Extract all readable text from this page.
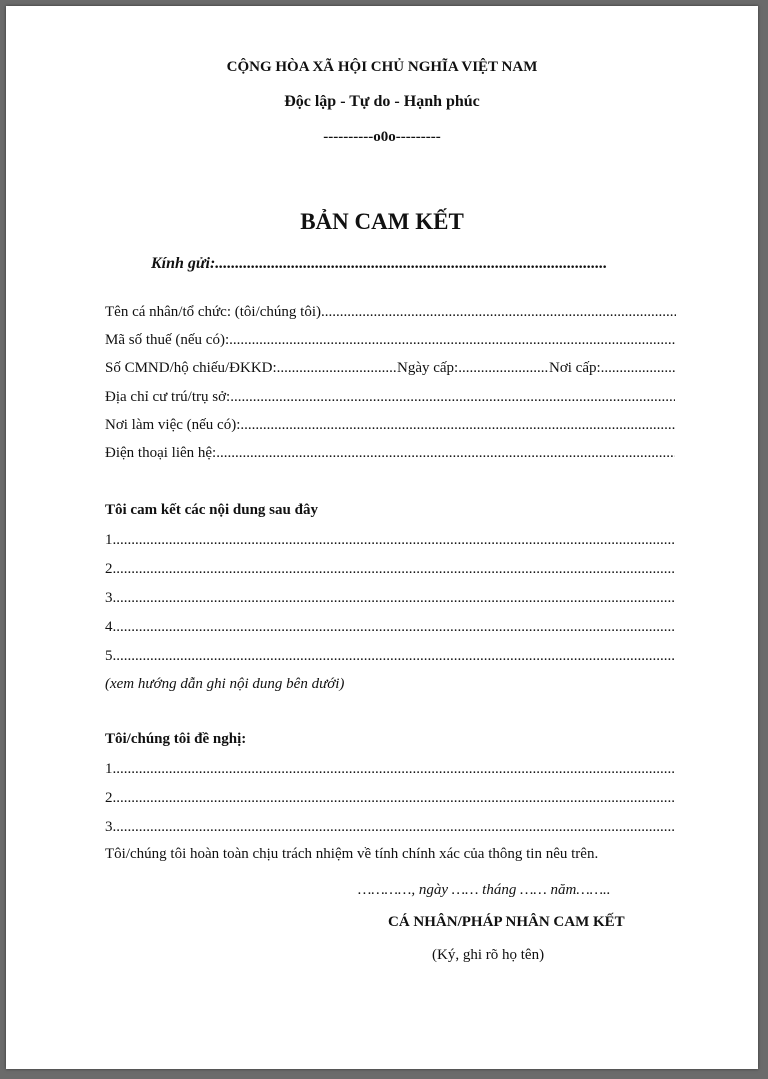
CỘNG HÒA XÃ HỘI CHỦ NGHĨA VIỆT NAM
Độc lập - Tự do - Hạnh phúc
----------o0o---------
BẢN CAM KẾT
Kính gửi:
.....
Tên cá nhân/tổ chức: (tôi/chúng tôi)
.....
Mã số thuế (nếu có):
.....
Số CMND/hộ chiếu/ĐKKD: .....	Ngày cấp: .....	Nơi cấp:
.....
Địa chỉ cư trú/trụ sở:
.....
Nơi làm việc (nếu có):
.....
Điện thoại liên hệ:
.....
Tôi cam kết các nội dung sau đây
1.
.....
2.
.....
3.
.....
4.
.....
5.
.....
(xem hướng dẫn ghi nội dung bên dưới)
Tôi/chúng tôi đề nghị:
1.
.....
2.
.....
3.
.....
Tôi/chúng tôi hoàn toàn chịu trách nhiệm về tính chính xác của thông tin nêu trên.
…………, ngày …… tháng …… năm……..
CÁ NHÂN/PHÁP NHÂN CAM KẾT
(Ký, ghi rõ họ tên)
